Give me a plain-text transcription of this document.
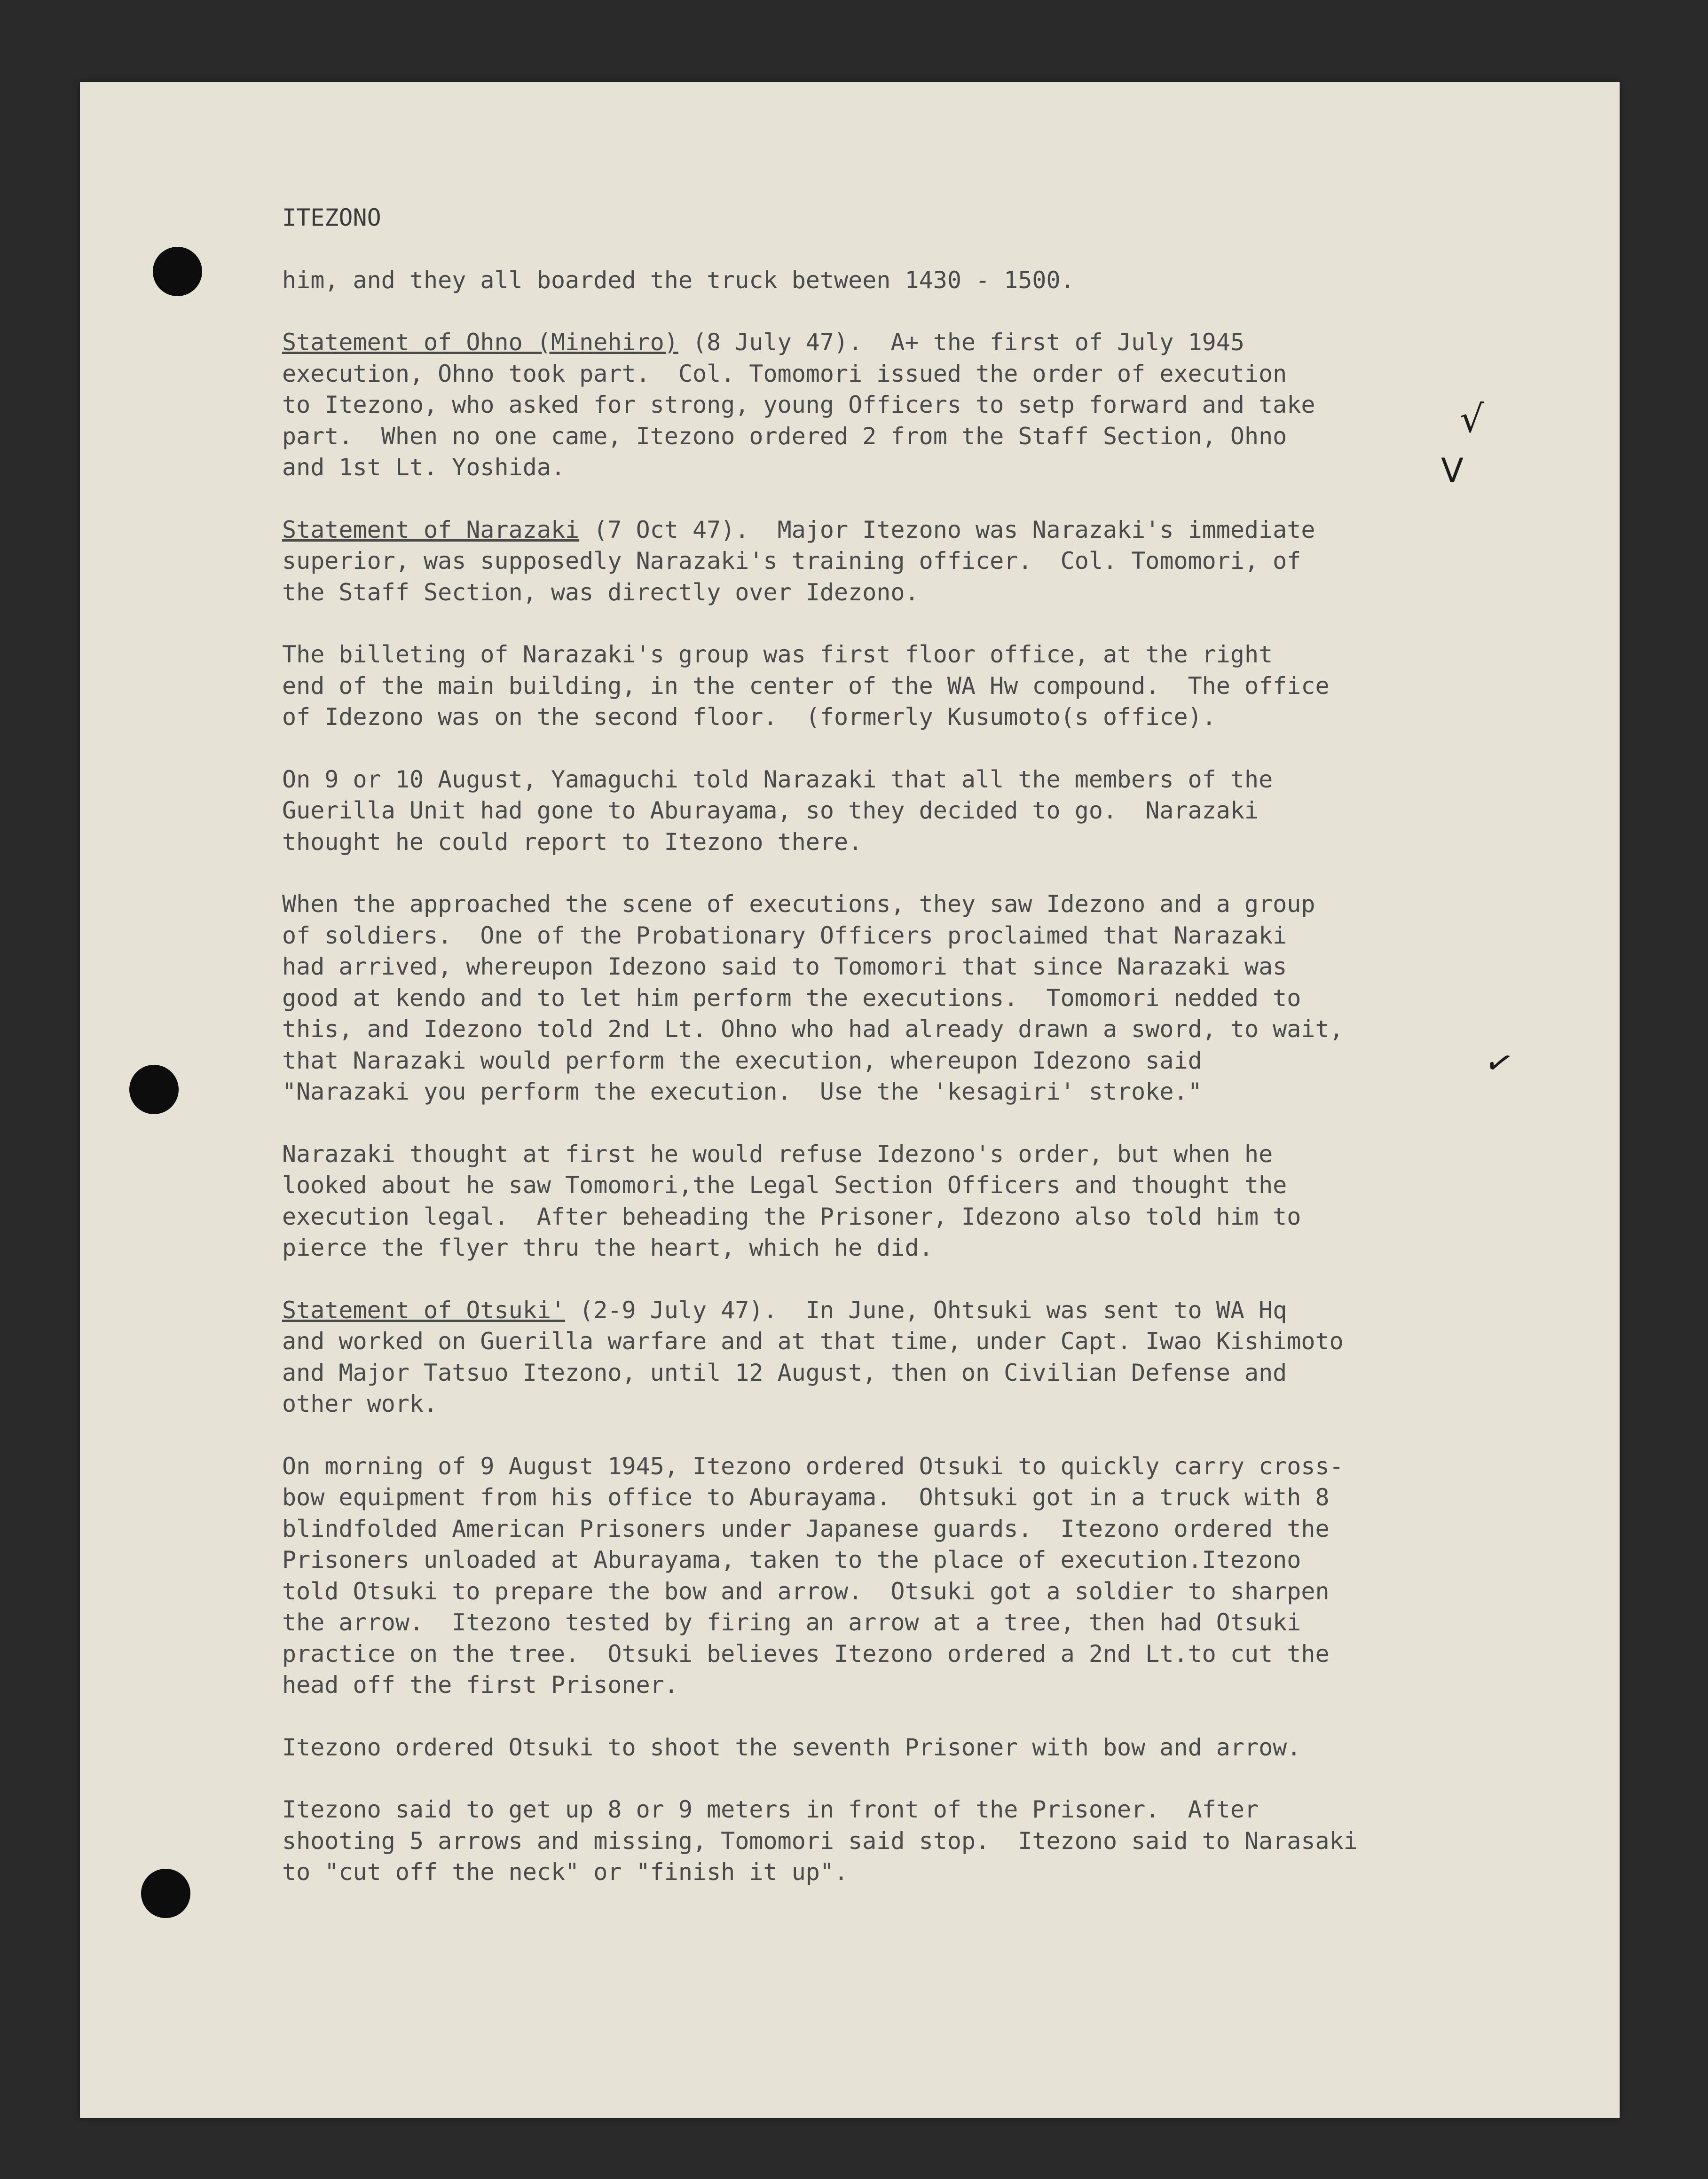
ITEZONO

him, and they all boarded the truck between 1430 - 1500.

Statement of Ohno (Minehiro) (8 July 47).  A+ the first of July 1945

execution, Ohno took part.  Col. Tomomori issued the order of execution

to Itezono, who asked for strong, young Officers to setp forward and take

part.  When no one came, Itezono ordered 2 from the Staff Section, Ohno

and 1st Lt. Yoshida.

Statement of Narazaki (7 Oct 47).  Major Itezono was Narazaki's immediate

superior, was supposedly Narazaki's training officer.  Col. Tomomori, of

the Staff Section, was directly over Idezono.

The billeting of Narazaki's group was first floor office, at the right

end of the main building, in the center of the WA Hw compound.  The office

of Idezono was on the second floor.  (formerly Kusumoto(s office).

On 9 or 10 August, Yamaguchi told Narazaki that all the members of the

Guerilla Unit had gone to Aburayama, so they decided to go.  Narazaki

thought he could report to Itezono there.

When the approached the scene of executions, they saw Idezono and a group

of soldiers.  One of the Probationary Officers proclaimed that Narazaki

had arrived, whereupon Idezono said to Tomomori that since Narazaki was

good at kendo and to let him perform the executions.  Tomomori nedded to

this, and Idezono told 2nd Lt. Ohno who had already drawn a sword, to wait,

that Narazaki would perform the execution, whereupon Idezono said

"Narazaki you perform the execution.  Use the 'kesagiri' stroke."

Narazaki thought at first he would refuse Idezono's order, but when he

looked about he saw Tomomori,the Legal Section Officers and thought the

execution legal.  After beheading the Prisoner, Idezono also told him to

pierce the flyer thru the heart, which he did.

Statement of Otsuki' (2-9 July 47).  In June, Ohtsuki was sent to WA Hq

and worked on Guerilla warfare and at that time, under Capt. Iwao Kishimoto

and Major Tatsuo Itezono, until 12 August, then on Civilian Defense and

other work.

On morning of 9 August 1945, Itezono ordered Otsuki to quickly carry cross-

bow equipment from his office to Aburayama.  Ohtsuki got in a truck with 8

blindfolded American Prisoners under Japanese guards.  Itezono ordered the

Prisoners unloaded at Aburayama, taken to the place of execution.Itezono

told Otsuki to prepare the bow and arrow.  Otsuki got a soldier to sharpen

the arrow.  Itezono tested by firing an arrow at a tree, then had Otsuki

practice on the tree.  Otsuki believes Itezono ordered a 2nd Lt.to cut the

head off the first Prisoner.

Itezono ordered Otsuki to shoot the seventh Prisoner with bow and arrow.

Itezono said to get up 8 or 9 meters in front of the Prisoner.  After

shooting 5 arrows and missing, Tomomori said stop.  Itezono said to Narasaki

to "cut off the neck" or "finish it up".

√
V
✓
